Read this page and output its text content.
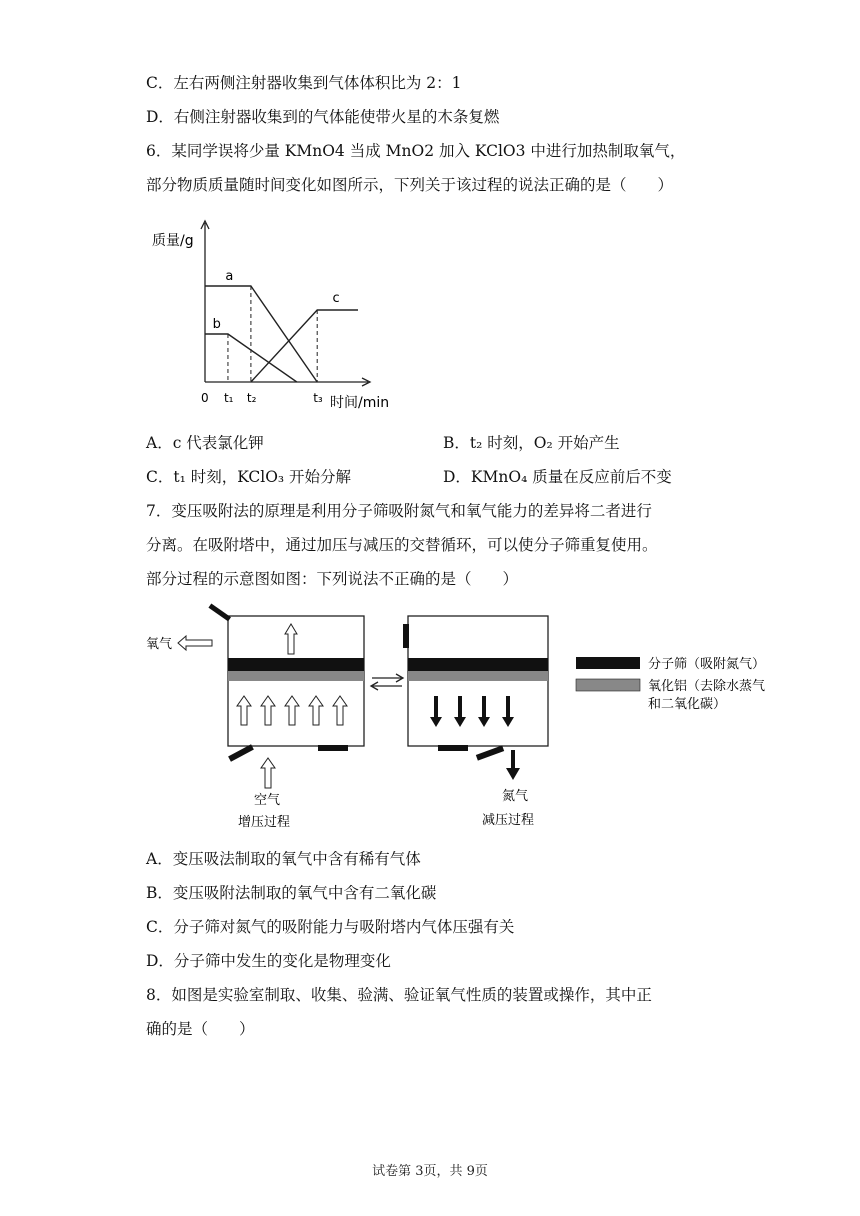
C．左右两侧注射器收集到气体体积比为 2：1
D．右侧注射器收集到的气体能使带火星的木条复燃
6．某同学误将少量 KMnO4 当成 MnO2 加入 KClO3 中进行加热制取氧气，
部分物质质量随时间变化如图所示，下列关于该过程的说法正确的是（　　）
0 t₁ t₂	t₃
a
b
c
质量/g
时间/min
A．c 代表氯化钾	B．t₂ 时刻，O₂ 开始产生
C．t₁ 时刻，KClO₃ 开始分解	D．KMnO₄ 质量在反应前后不变
7．变压吸附法的原理是利用分子筛吸附氮气和氧气能力的差异将二者进行
分离。在吸附塔中，通过加压与减压的交替循环，可以使分子筛重复使用。
部分过程的示意图如图：下列说法不正确的是（　　）
氧气
空气
增压过程
氮气
减压过程
分子筛（吸附氮气）
氧化铝（去除水蒸气
和二氧化碳）
A．变压吸法制取的氧气中含有稀有气体
B．变压吸附法制取的氧气中含有二氧化碳
C．分子筛对氮气的吸附能力与吸附塔内气体压强有关
D．分子筛中发生的变化是物理变化
8．如图是实验室制取、收集、验满、验证氧气性质的装置或操作，其中正
确的是（　　）
试卷第 3页，共 9页
